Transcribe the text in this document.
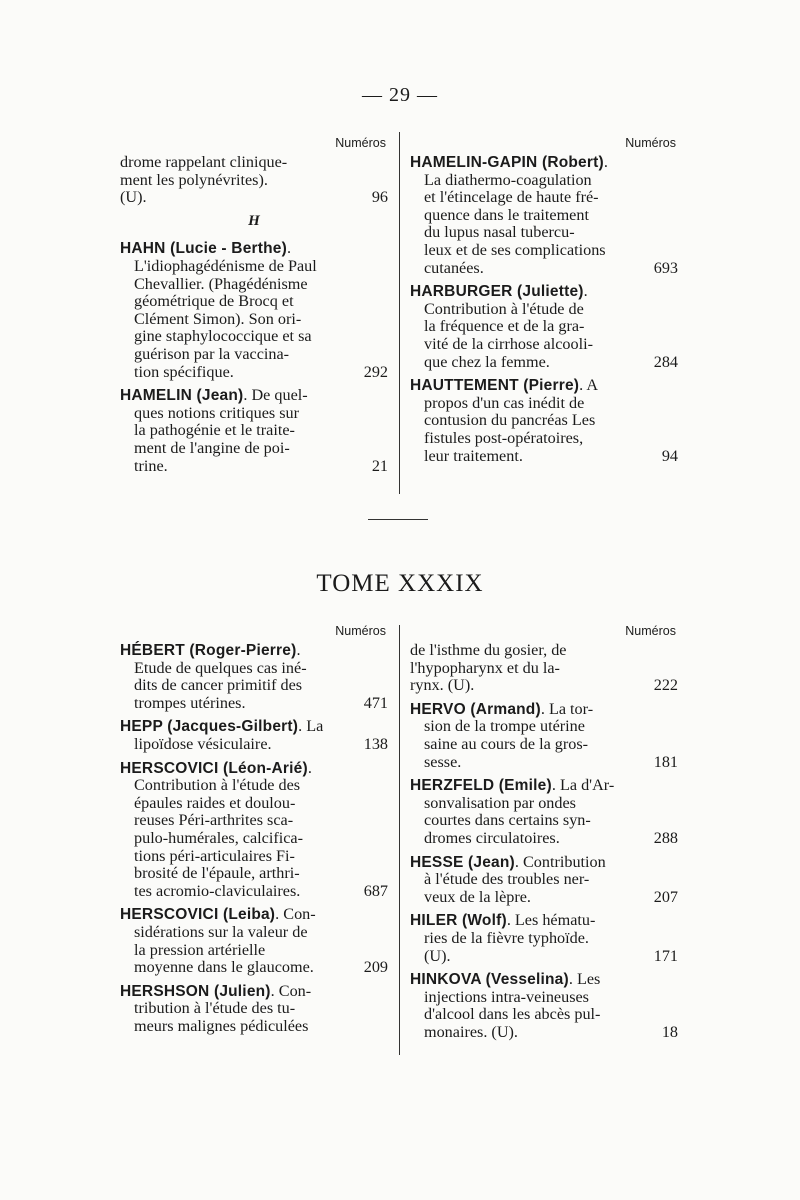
— 29 —
Numéros
drome rappelant clinique-
ment les polynévrites).
(U).	96
H
HAHN (Lucie - Berthe).
L'idiophagédénisme de Paul
Chevallier. (Phagédénisme
géométrique de Brocq et
Clément Simon). Son ori-
gine staphylococcique et sa
guérison par la vaccina-
tion spécifique.	292
HAMELIN (Jean). De quel-
ques notions critiques sur
la pathogénie et le traite-
ment de l'angine de poi-
trine.	21
Numéros
HAMELIN-GAPIN (Robert).
La diathermo-coagulation
et l'étincelage de haute fré-
quence dans le traitement
du lupus nasal tubercu-
leux et de ses complications
cutanées.	693
HARBURGER (Juliette).
Contribution à l'étude de
la fréquence et de la gra-
vité de la cirrhose alcooli-
que chez la femme.	284
HAUTTEMENT (Pierre). A
propos d'un cas inédit de
contusion du pancréas Les
fistules post-opératoires,
leur traitement.	94
TOME XXXIX
Numéros
HÉBERT (Roger-Pierre).
Etude de quelques cas iné-
dits de cancer primitif des
trompes utérines.	471
HEPP (Jacques-Gilbert). La
lipoïdose vésiculaire.	138
HERSCOVICI (Léon-Arié).
Contribution à l'étude des
épaules raides et doulou-
reuses Péri-arthrites sca-
pulo-humérales, calcifica-
tions péri-articulaires Fi-
brosité de l'épaule, arthri-
tes acromio-claviculaires.	687
HERSCOVICI (Leiba). Con-
sidérations sur la valeur de
la pression artérielle
moyenne dans le glaucome.	209
HERSHSON (Julien). Con-
tribution à l'étude des tu-
meurs malignes pédiculées
Numéros
de l'isthme du gosier, de
l'hypopharynx et du la-
rynx. (U).	222
HERVO (Armand). La tor-
sion de la trompe utérine
saine au cours de la gros-
sesse.	181
HERZFELD (Emile). La d'Ar-
sonvalisation par ondes
courtes dans certains syn-
dromes circulatoires.	288
HESSE (Jean). Contribution
à l'étude des troubles ner-
veux de la lèpre.	207
HILER (Wolf). Les hématu-
ries de la fièvre typhoïde.
(U).	171
HINKOVA (Vesselina). Les
injections intra-veineuses
d'alcool dans les abcès pul-
monaires. (U).	18
